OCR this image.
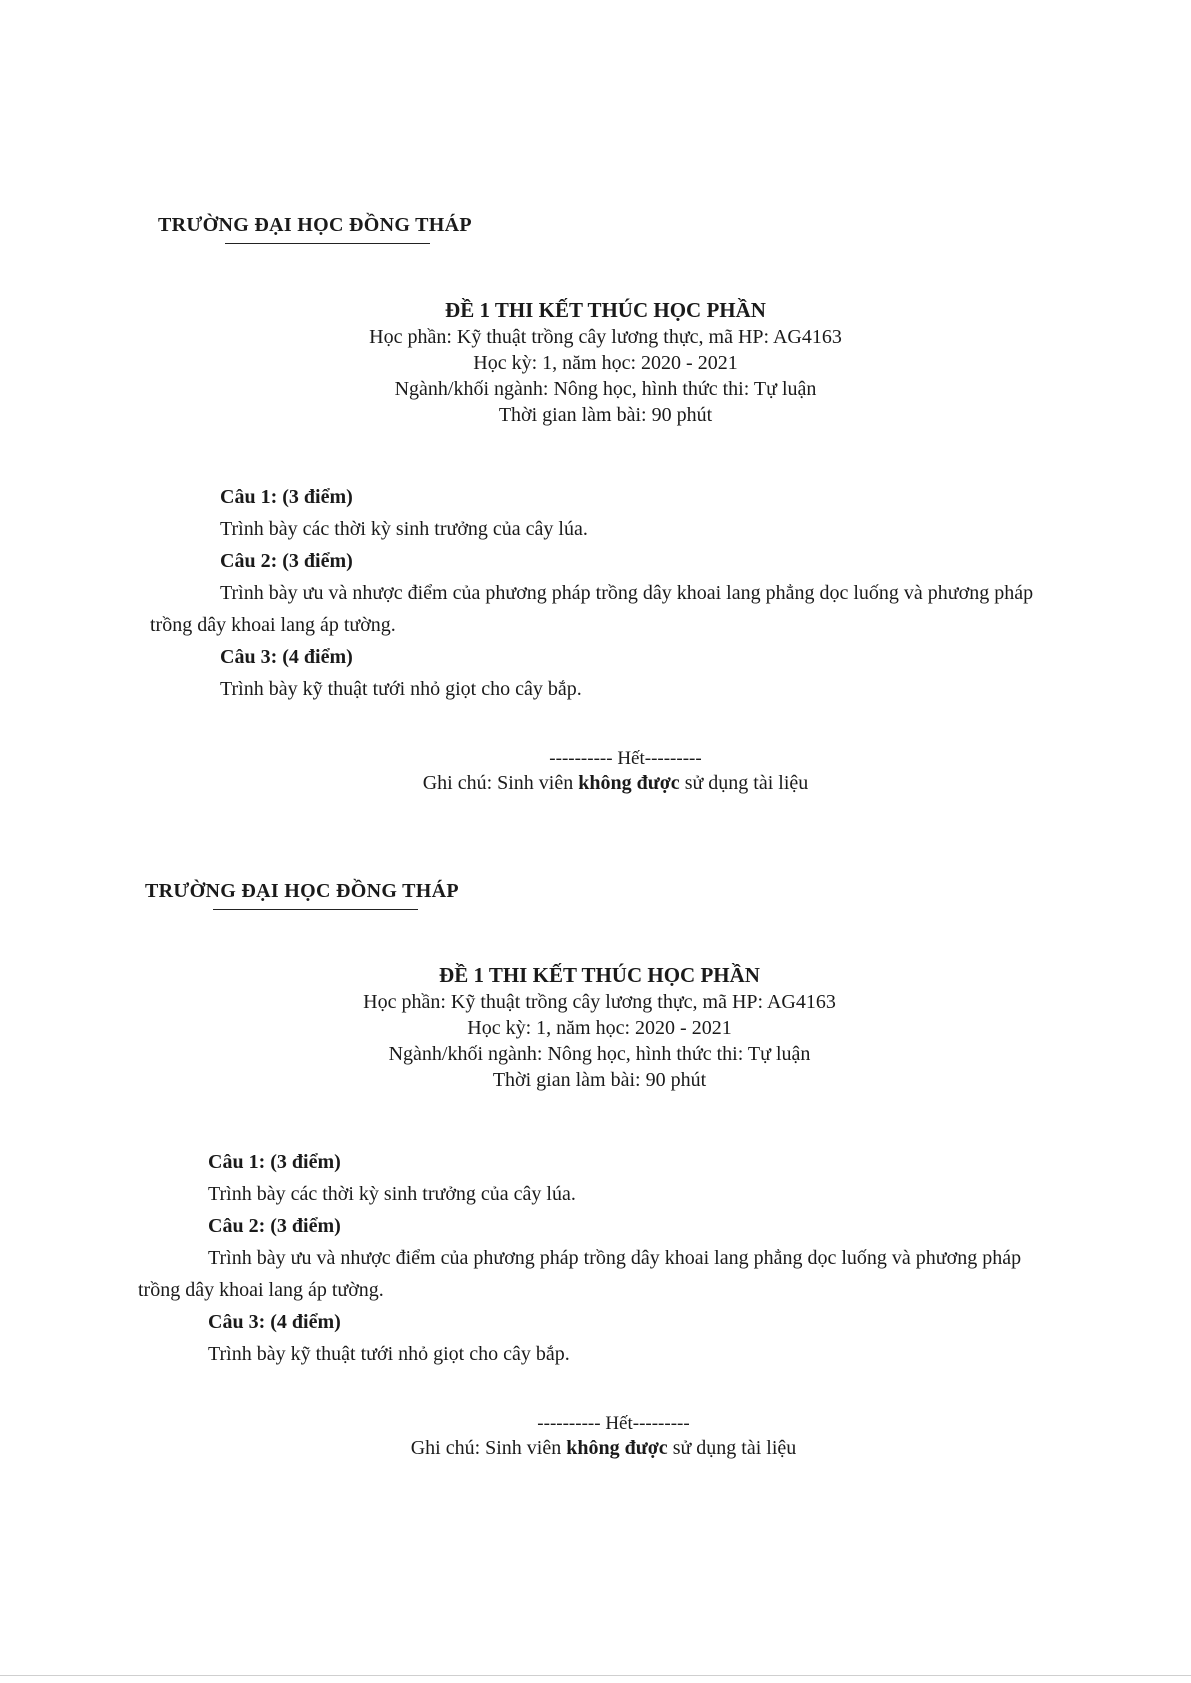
TRƯỜNG ĐẠI HỌC ĐỒNG THÁP
ĐỀ 1 THI KẾT THÚC HỌC PHẦN
Học phần: Kỹ thuật trồng cây lương thực, mã HP: AG4163
Học kỳ: 1, năm học: 2020 - 2021
Ngành/khối ngành: Nông học, hình thức thi: Tự luận
Thời gian làm bài: 90 phút
Câu 1: (3 điểm)
Trình bày các thời kỳ sinh trưởng của cây lúa.
Câu 2: (3 điểm)
Trình bày ưu và nhược điểm của phương pháp trồng dây khoai lang phẳng dọc luống và phương pháp trồng dây khoai lang áp tường.
Câu 3: (4 điểm)
Trình bày kỹ thuật tưới nhỏ giọt cho cây bắp.
---------- Hết---------
Ghi chú: Sinh viên không được sử dụng tài liệu
TRƯỜNG ĐẠI HỌC ĐỒNG THÁP
ĐỀ 1 THI KẾT THÚC HỌC PHẦN
Học phần: Kỹ thuật trồng cây lương thực, mã HP: AG4163
Học kỳ: 1, năm học: 2020 - 2021
Ngành/khối ngành: Nông học, hình thức thi: Tự luận
Thời gian làm bài: 90 phút
Câu 1: (3 điểm)
Trình bày các thời kỳ sinh trưởng của cây lúa.
Câu 2: (3 điểm)
Trình bày ưu và nhược điểm của phương pháp trồng dây khoai lang phẳng dọc luống và phương pháp trồng dây khoai lang áp tường.
Câu 3: (4 điểm)
Trình bày kỹ thuật tưới nhỏ giọt cho cây bắp.
---------- Hết---------
Ghi chú: Sinh viên không được sử dụng tài liệu
